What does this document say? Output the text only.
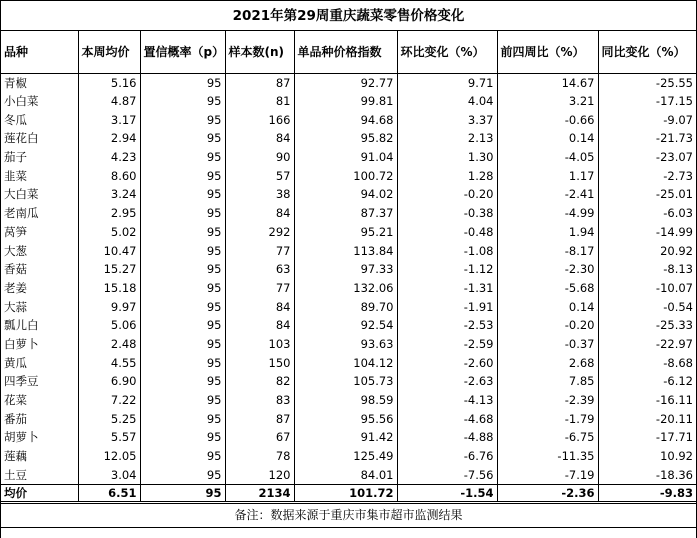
2021年第29周重庆蔬菜零售价格变化
品种	本周均价	置信概率（p）	样本数(n)	单品种价格指数	环比变化（%）	前四周比（%）	同比变化（%）
青椒	5.16	95	87	92.77	9.71	14.67	-25.55
小白菜	4.87	95	81	99.81	4.04	3.21	-17.15
冬瓜	3.17	95	166	94.68	3.37	-0.66	-9.07
莲花白	2.94	95	84	95.82	2.13	0.14	-21.73
茄子	4.23	95	90	91.04	1.30	-4.05	-23.07
韭菜	8.60	95	57	100.72	1.28	1.17	-2.73
大白菜	3.24	95	38	94.02	-0.20	-2.41	-25.01
老南瓜	2.95	95	84	87.37	-0.38	-4.99	-6.03
莴笋	5.02	95	292	95.21	-0.48	1.94	-14.99
大葱	10.47	95	77	113.84	-1.08	-8.17	20.92
香菇	15.27	95	63	97.33	-1.12	-2.30	-8.13
老姜	15.18	95	77	132.06	-1.31	-5.68	-10.07
大蒜	9.97	95	84	89.70	-1.91	0.14	-0.54
瓢儿白	5.06	95	84	92.54	-2.53	-0.20	-25.33
白萝卜	2.48	95	103	93.63	-2.59	-0.37	-22.97
黄瓜	4.55	95	150	104.12	-2.60	2.68	-8.68
四季豆	6.90	95	82	105.73	-2.63	7.85	-6.12
花菜	7.22	95	83	98.59	-4.13	-2.39	-16.11
番茄	5.25	95	87	95.56	-4.68	-1.79	-20.11
胡萝卜	5.57	95	67	91.42	-4.88	-6.75	-17.71
莲藕	12.05	95	78	125.49	-6.76	-11.35	10.92
土豆	3.04	95	120	84.01	-7.56	-7.19	-18.36
均价	6.51	95	2134	101.72	-1.54	-2.36	-9.83
备注：数据来源于重庆市集市超市监测结果
